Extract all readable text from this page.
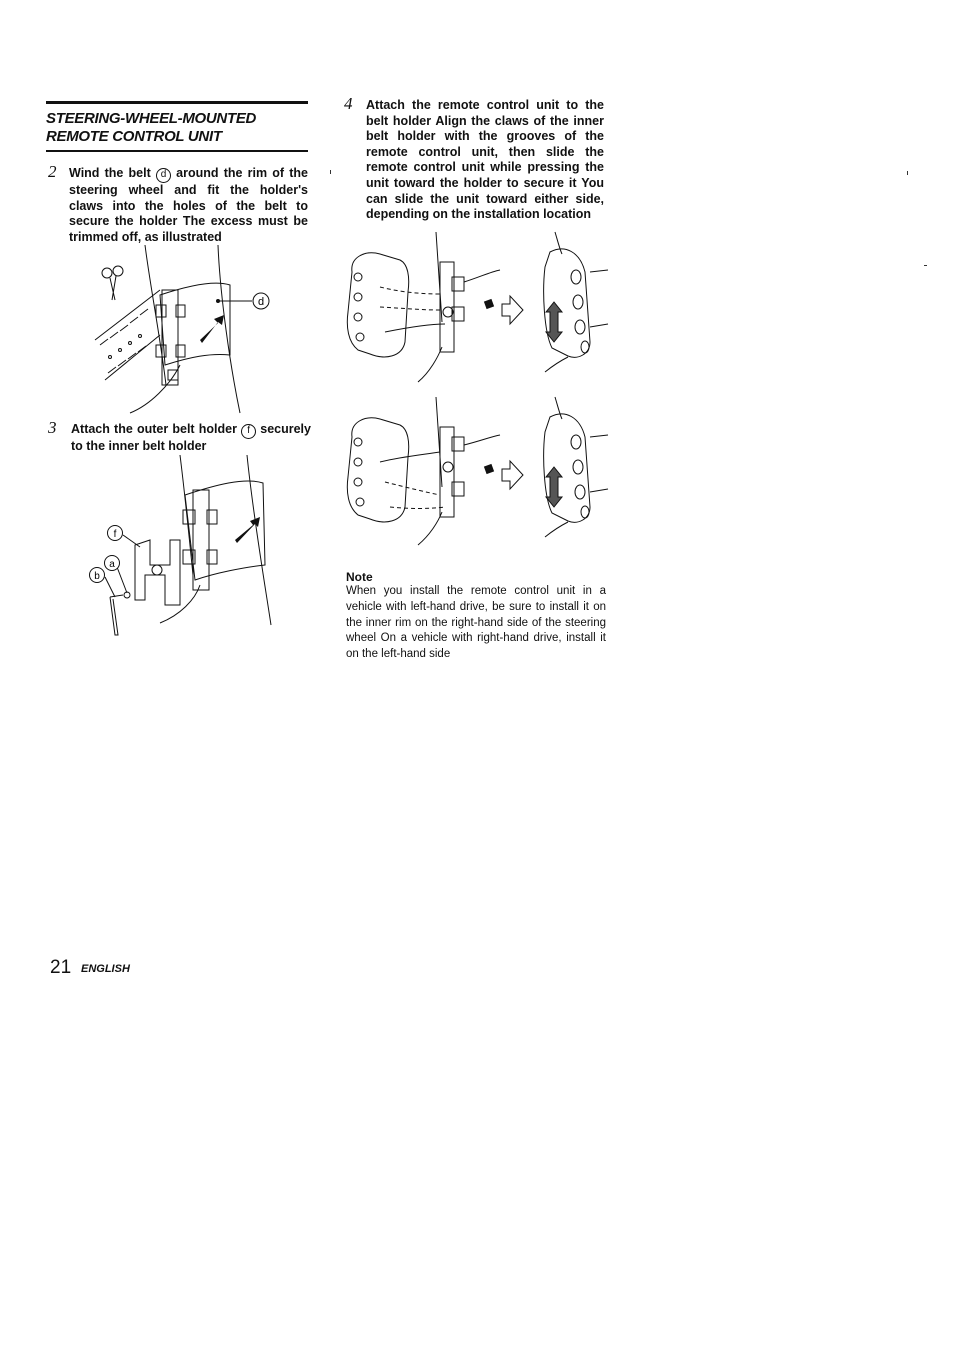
STEERING-WHEEL-MOUNTED REMOTE CONTROL UNIT
2 Wind the belt d around the rim of the steering wheel and fit the holder's claws into the holes of the belt to secure the holder The excess must be trimmed off, as illustrated
d
3 Attach the outer belt holder f securely to the inner belt holder
f
a
b
4 Attach the remote control unit to the belt holder Align the claws of the inner belt holder with the grooves of the remote control unit, then slide the remote control unit while pressing the unit toward the holder to secure it You can slide the unit toward either side, depending on the installation location
Note
When you install the remote control unit in a vehicle with left-hand drive, be sure to install it on the inner rim on the right-hand side of the steering wheel On a vehicle with right-hand drive, install it on the left-hand side
21 ENGLISH
